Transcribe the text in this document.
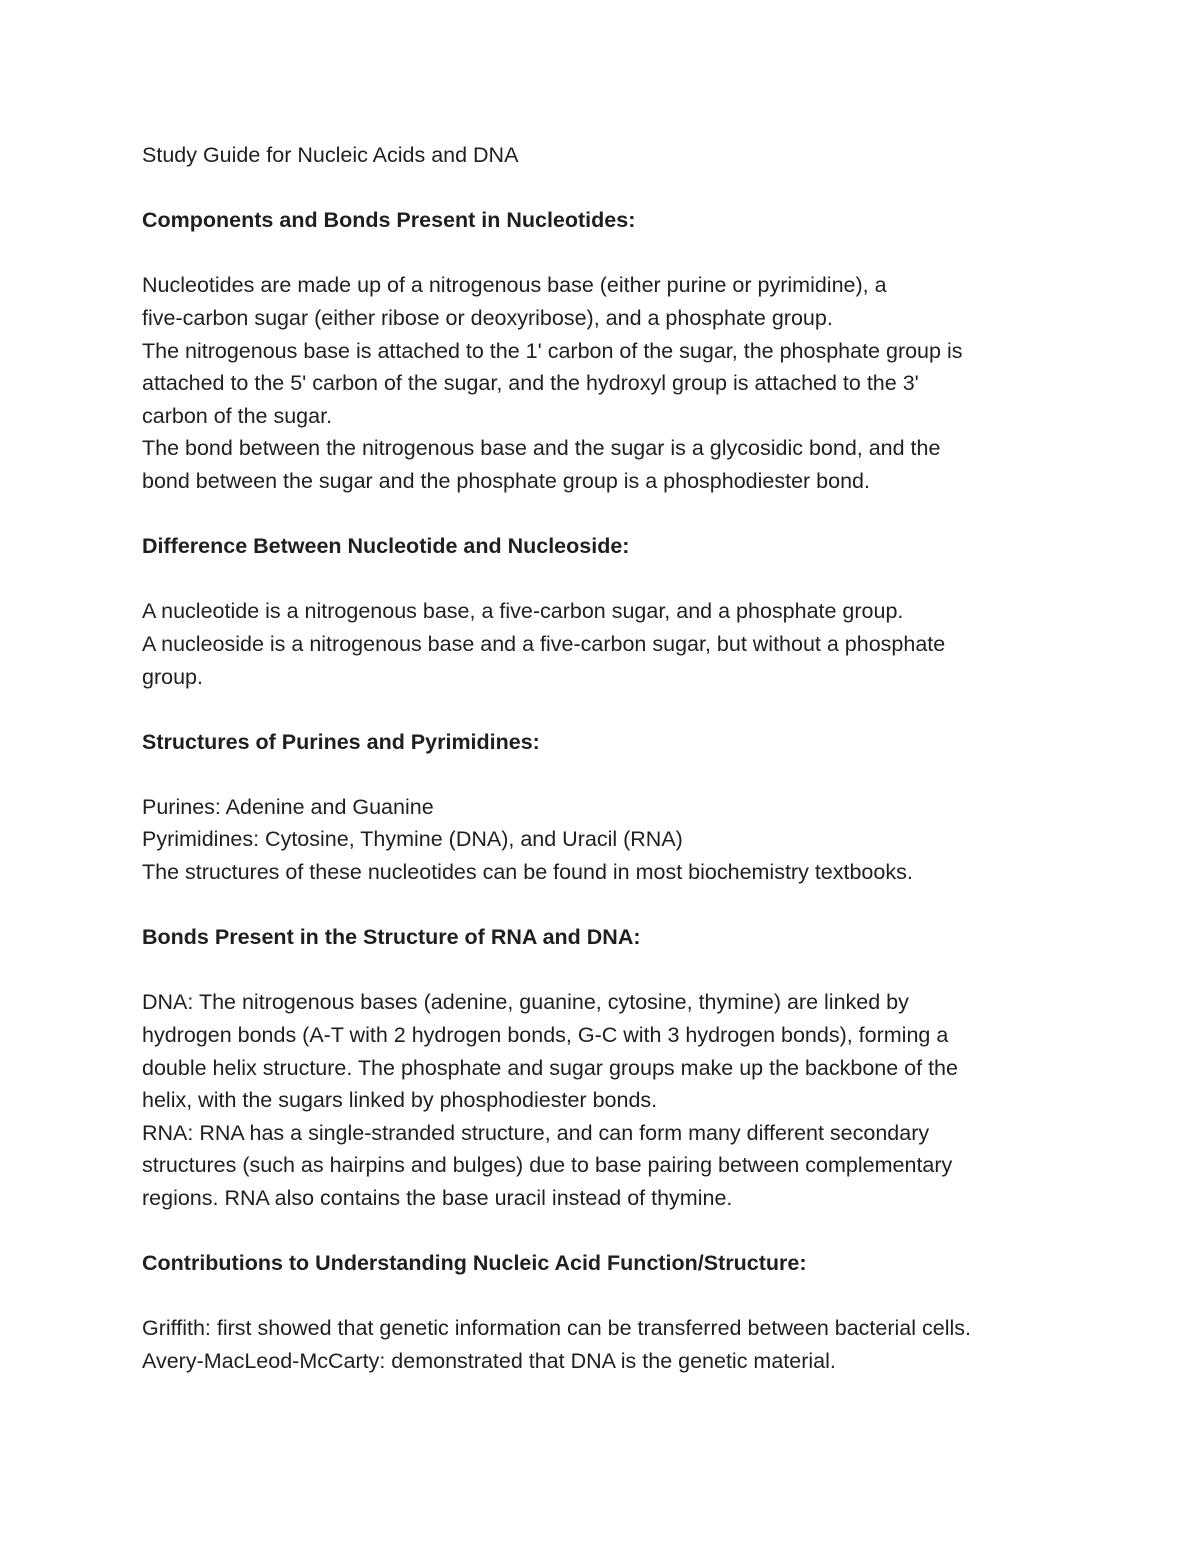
Study Guide for Nucleic Acids and DNA

Components and Bonds Present in Nucleotides:

Nucleotides are made up of a nitrogenous base (either purine or pyrimidine), a

five-carbon sugar (either ribose or deoxyribose), and a phosphate group.

The nitrogenous base is attached to the 1' carbon of the sugar, the phosphate group is

attached to the 5' carbon of the sugar, and the hydroxyl group is attached to the 3'

carbon of the sugar.

The bond between the nitrogenous base and the sugar is a glycosidic bond, and the

bond between the sugar and the phosphate group is a phosphodiester bond.

Difference Between Nucleotide and Nucleoside:

A nucleotide is a nitrogenous base, a five-carbon sugar, and a phosphate group.

A nucleoside is a nitrogenous base and a five-carbon sugar, but without a phosphate

group.

Structures of Purines and Pyrimidines:

Purines: Adenine and Guanine

Pyrimidines: Cytosine, Thymine (DNA), and Uracil (RNA)

The structures of these nucleotides can be found in most biochemistry textbooks.

Bonds Present in the Structure of RNA and DNA:

DNA: The nitrogenous bases (adenine, guanine, cytosine, thymine) are linked by

hydrogen bonds (A-T with 2 hydrogen bonds, G-C with 3 hydrogen bonds), forming a

double helix structure. The phosphate and sugar groups make up the backbone of the

helix, with the sugars linked by phosphodiester bonds.

RNA: RNA has a single-stranded structure, and can form many different secondary

structures (such as hairpins and bulges) due to base pairing between complementary

regions. RNA also contains the base uracil instead of thymine.

Contributions to Understanding Nucleic Acid Function/Structure:

Griffith: first showed that genetic information can be transferred between bacterial cells.

Avery-MacLeod-McCarty: demonstrated that DNA is the genetic material.
